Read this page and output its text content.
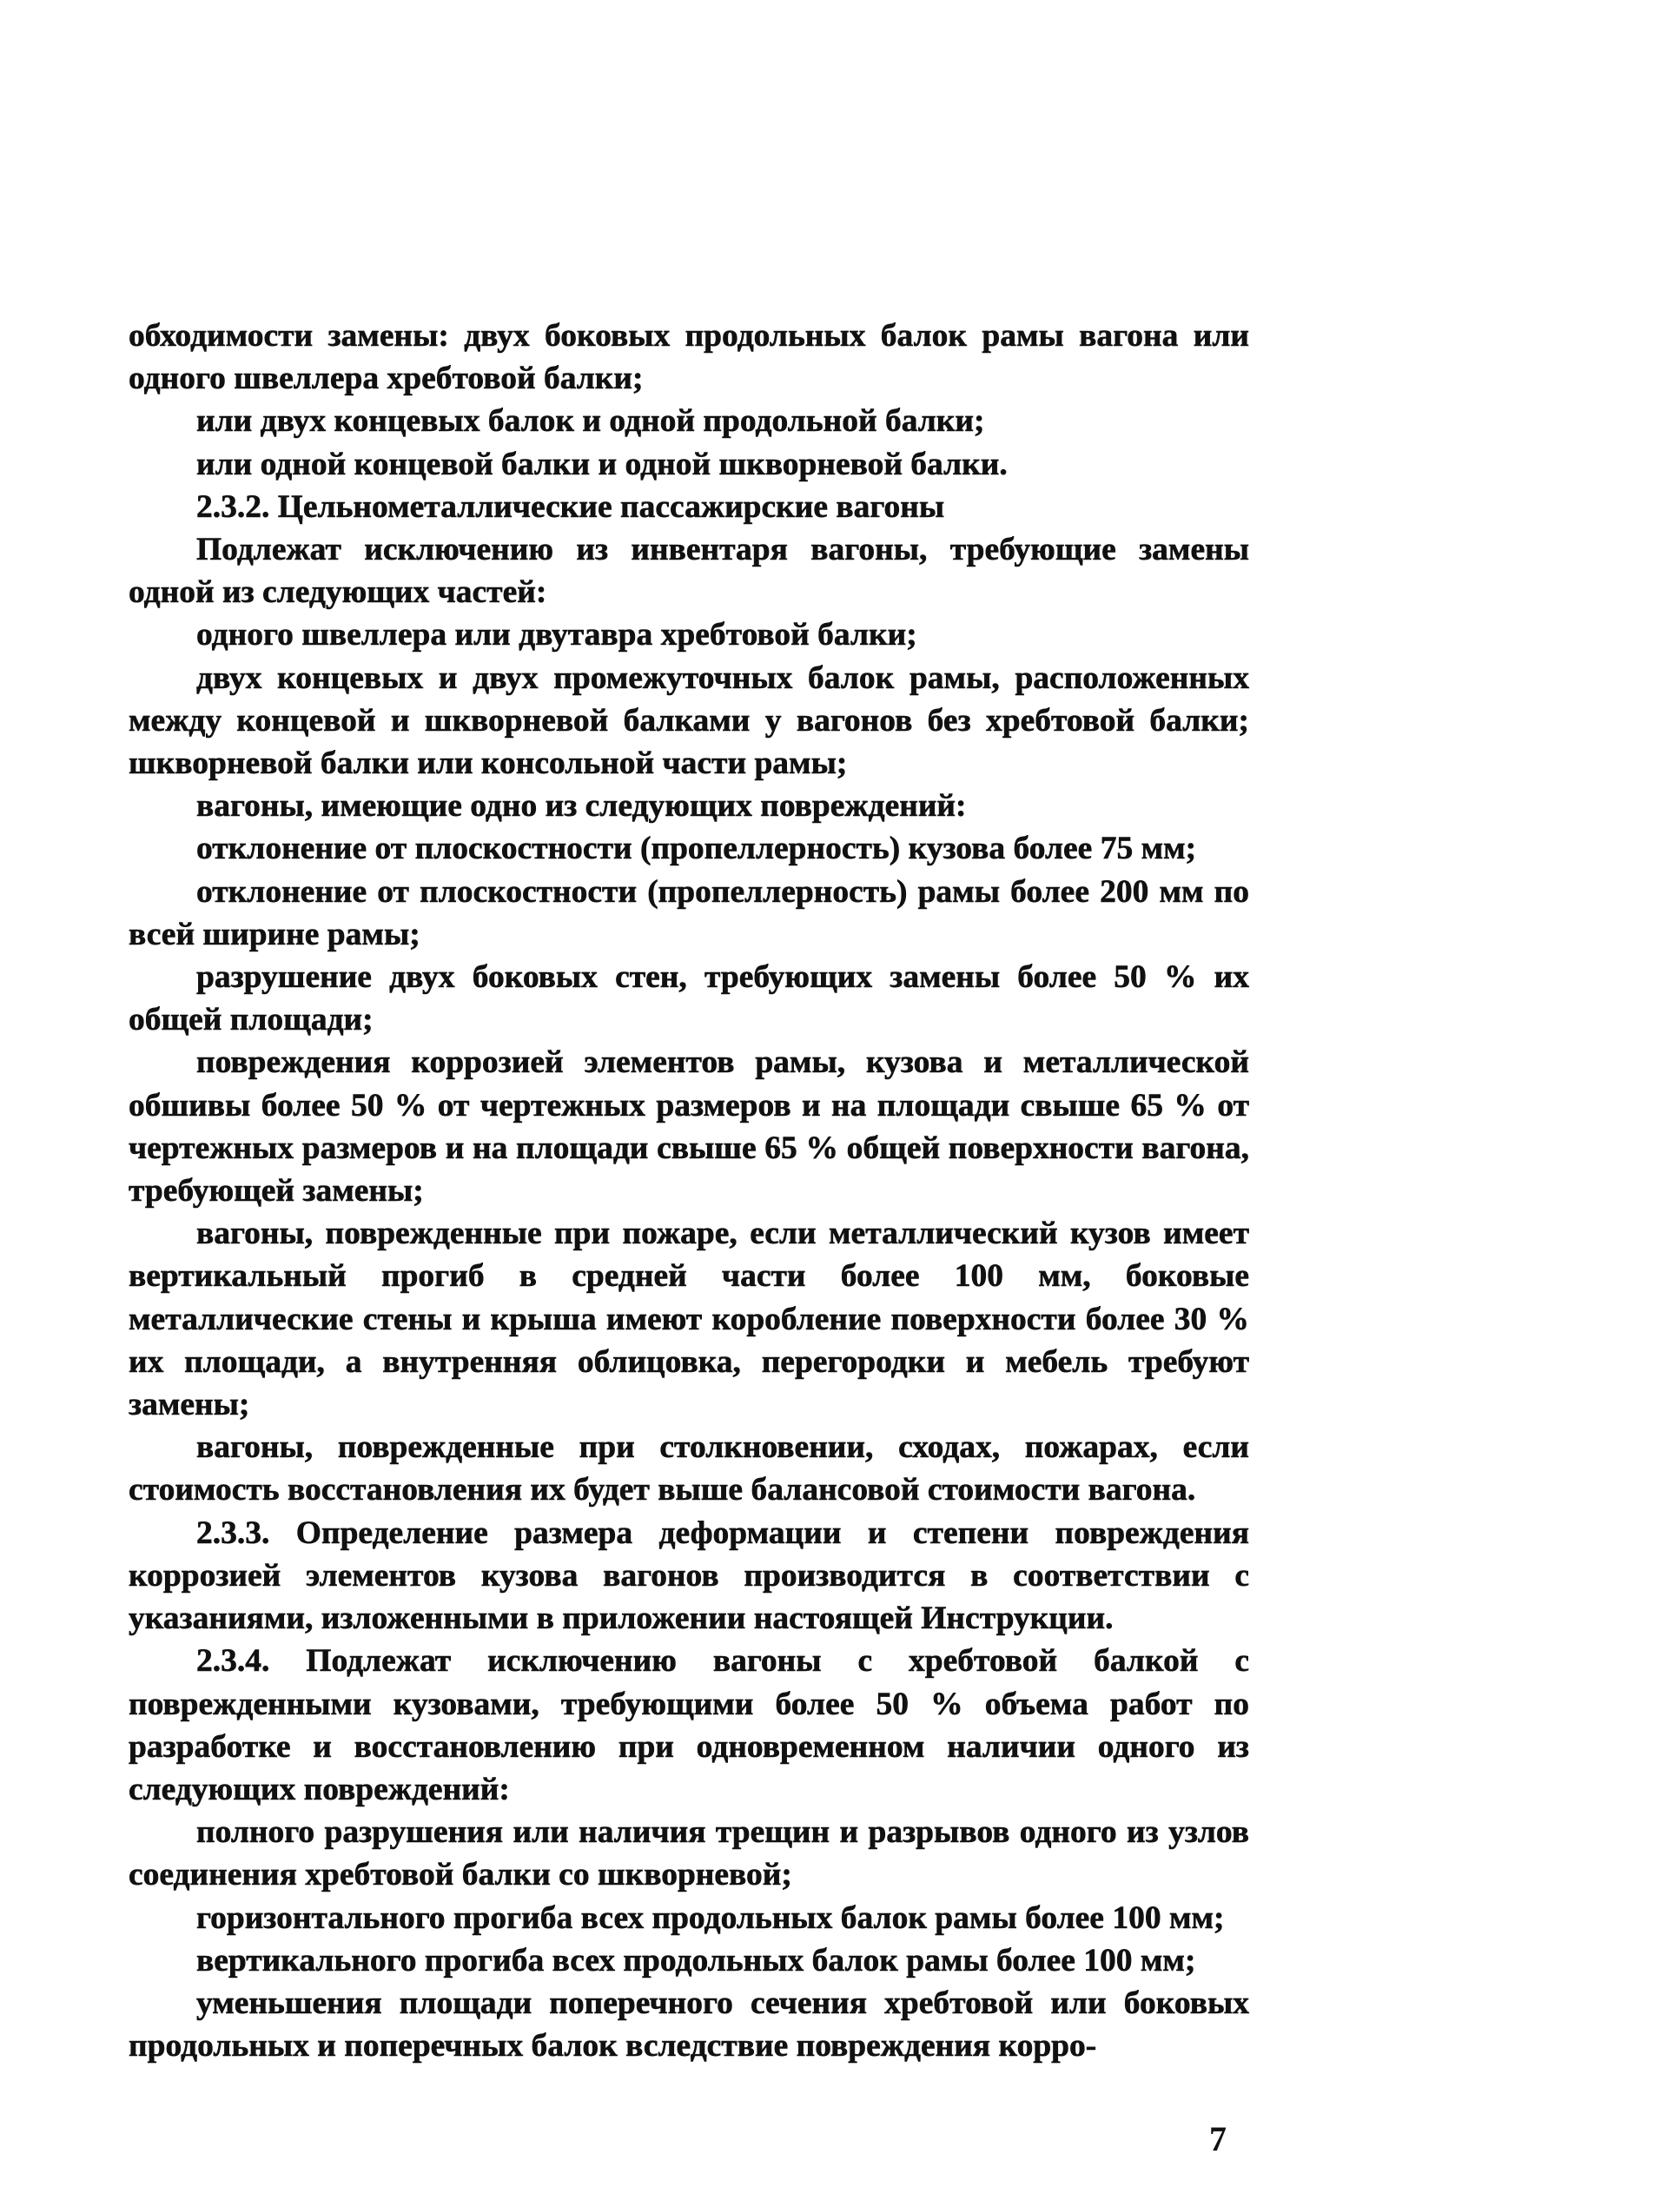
обходимости замены: двух боковых продольных балок рамы вагона или одного швеллера хребтовой балки;

или двух концевых балок и одной продольной балки;

или одной концевой балки и одной шкворневой балки.

2.3.2. Цельнометаллические пассажирские вагоны

Подлежат исключению из инвентаря вагоны, требующие замены одной из следующих частей:

одного швеллера или двутавра хребтовой балки;

двух концевых и двух промежуточных балок рамы, расположенных между концевой и шкворневой балками у вагонов без хребтовой балки; шкворневой балки или консольной части рамы;

вагоны, имеющие одно из следующих повреждений:

отклонение от плоскостности (пропеллерность) кузова более 75 мм;

отклонение от плоскостности (пропеллерность) рамы более 200 мм по всей ширине рамы;

разрушение двух боковых стен, требующих замены более 50 % их общей площади;

повреждения коррозией элементов рамы, кузова и металлической обшивы более 50 % от чертежных размеров и на площади свыше 65 % от чертежных размеров и на площади свыше 65 % общей поверхности вагона, требующей замены;

вагоны, поврежденные при пожаре, если металлический кузов имеет вертикальный прогиб в средней части более 100 мм, боковые металлические стены и крыша имеют коробление поверхности более 30 % их площади, а внутренняя облицовка, перегородки и мебель требуют замены;

вагоны, поврежденные при столкновении, сходах, пожарах, если стоимость восстановления их будет выше балансовой стоимости вагона.

2.3.3. Определение размера деформации и степени повреждения коррозией элементов кузова вагонов производится в соответствии с указаниями, изложенными в приложении настоящей Инструкции.

2.3.4. Подлежат исключению вагоны с хребтовой балкой с поврежденными кузовами, требующими более 50 % объема работ по разработке и восстановлению при одновременном наличии одного из следующих повреждений:

полного разрушения или наличия трещин и разрывов одного из узлов соединения хребтовой балки со шкворневой;

горизонтального прогиба всех продольных балок рамы более 100 мм;

вертикального прогиба всех продольных балок рамы более 100 мм;

уменьшения площади поперечного сечения хребтовой или боковых продольных и поперечных балок вследствие повреждения корро-

7
